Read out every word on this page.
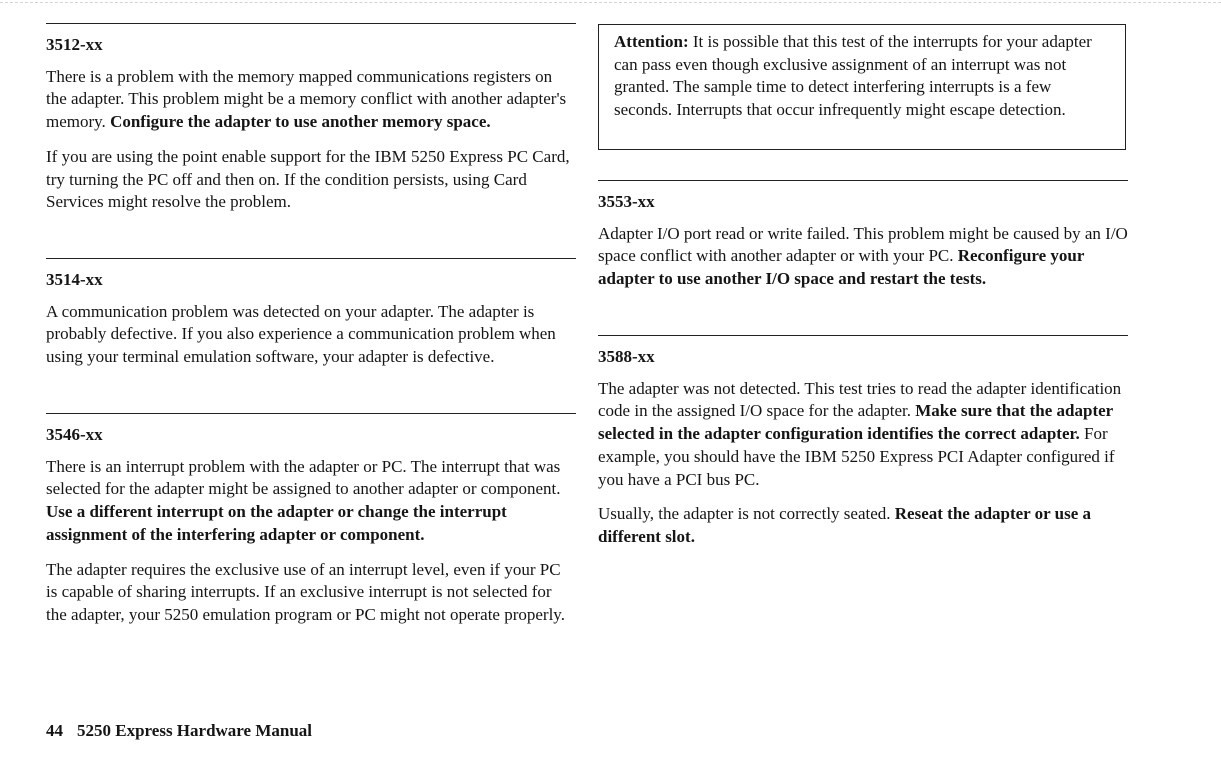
3512-xx

There is a problem with the memory mapped communications registers on the adapter. This problem might be a memory conflict with another adapter's memory. Configure the adapter to use another memory space.

If you are using the point enable support for the IBM 5250 Express PC Card, try turning the PC off and then on. If the condition persists, using Card Services might resolve the problem.

3514-xx

A communication problem was detected on your adapter. The adapter is probably defective. If you also experience a communication problem when using your terminal emulation software, your adapter is defective.

3546-xx

There is an interrupt problem with the adapter or PC. The interrupt that was selected for the adapter might be assigned to another adapter or component. Use a different interrupt on the adapter or change the interrupt assignment of the interfering adapter or component.

The adapter requires the exclusive use of an interrupt level, even if your PC is capable of sharing interrupts. If an exclusive interrupt is not selected for the adapter, your 5250 emulation program or PC might not operate properly.

Attention: It is possible that this test of the interrupts for your adapter can pass even though exclusive assignment of an interrupt was not granted. The sample time to detect interfering interrupts is a few seconds. Interrupts that occur infrequently might escape detection.

3553-xx

Adapter I/O port read or write failed. This problem might be caused by an I/O space conflict with another adapter or with your PC. Reconfigure your adapter to use another I/O space and restart the tests.

3588-xx

The adapter was not detected. This test tries to read the adapter identification code in the assigned I/O space for the adapter. Make sure that the adapter selected in the adapter configuration identifies the correct adapter. For example, you should have the IBM 5250 Express PCI Adapter configured if you have a PCI bus PC.

Usually, the adapter is not correctly seated. Reseat the adapter or use a different slot.

44 5250 Express Hardware Manual
